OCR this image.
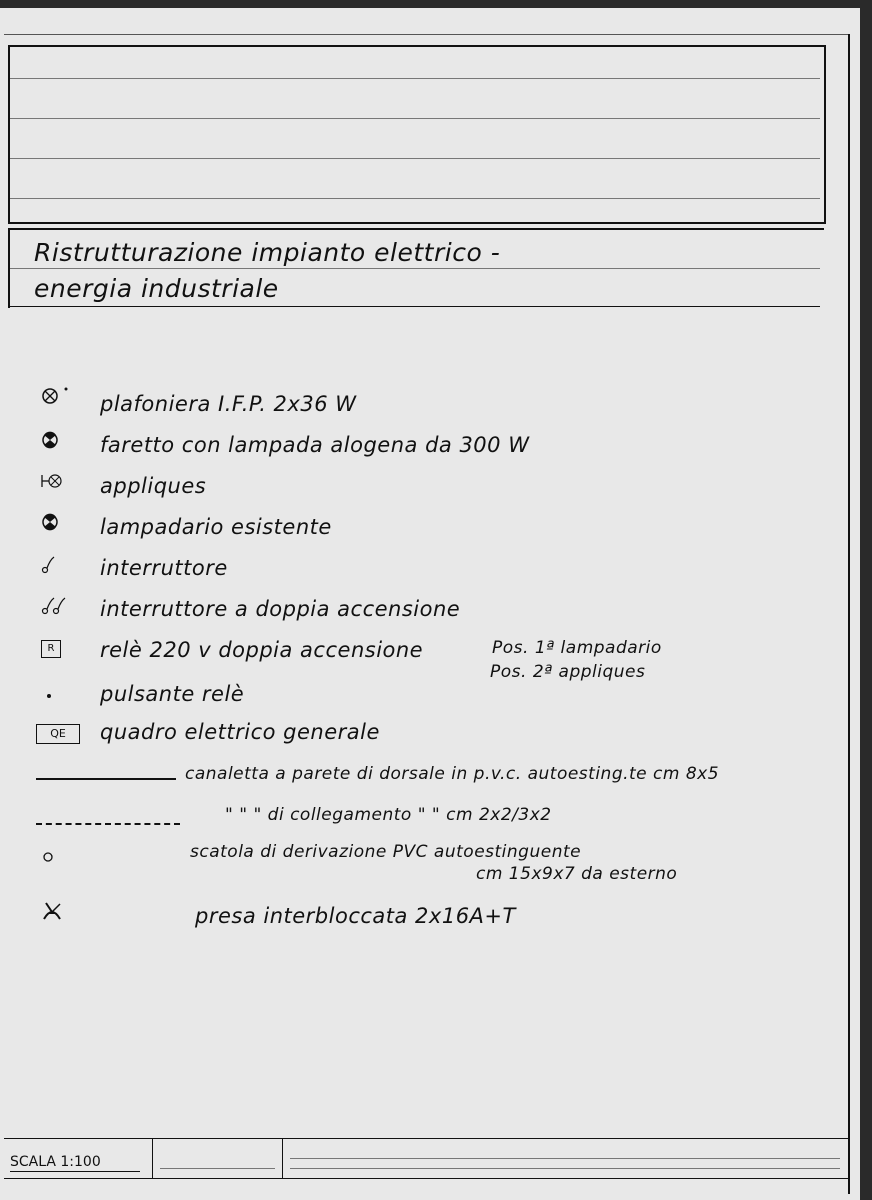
Ristrutturazione impianto elettrico -
energia industriale
R
QE
plafoniera I.F.P. 2x36 W
faretto con lampada alogena da 300 W
appliques
lampadario esistente
interruttore
interruttore a doppia accensione
relè 220 v doppia accensione	Pos. 1ª lampadario
Pos. 2ª appliques
pulsante relè
quadro elettrico generale
canaletta a parete di dorsale in p.v.c. autoesting.te cm 8x5
" " " di collegamento " " cm 2x2/3x2
scatola di derivazione PVC autoestinguente
cm 15x9x7 da esterno
presa interbloccata 2x16A+T
SCALA 1:100
